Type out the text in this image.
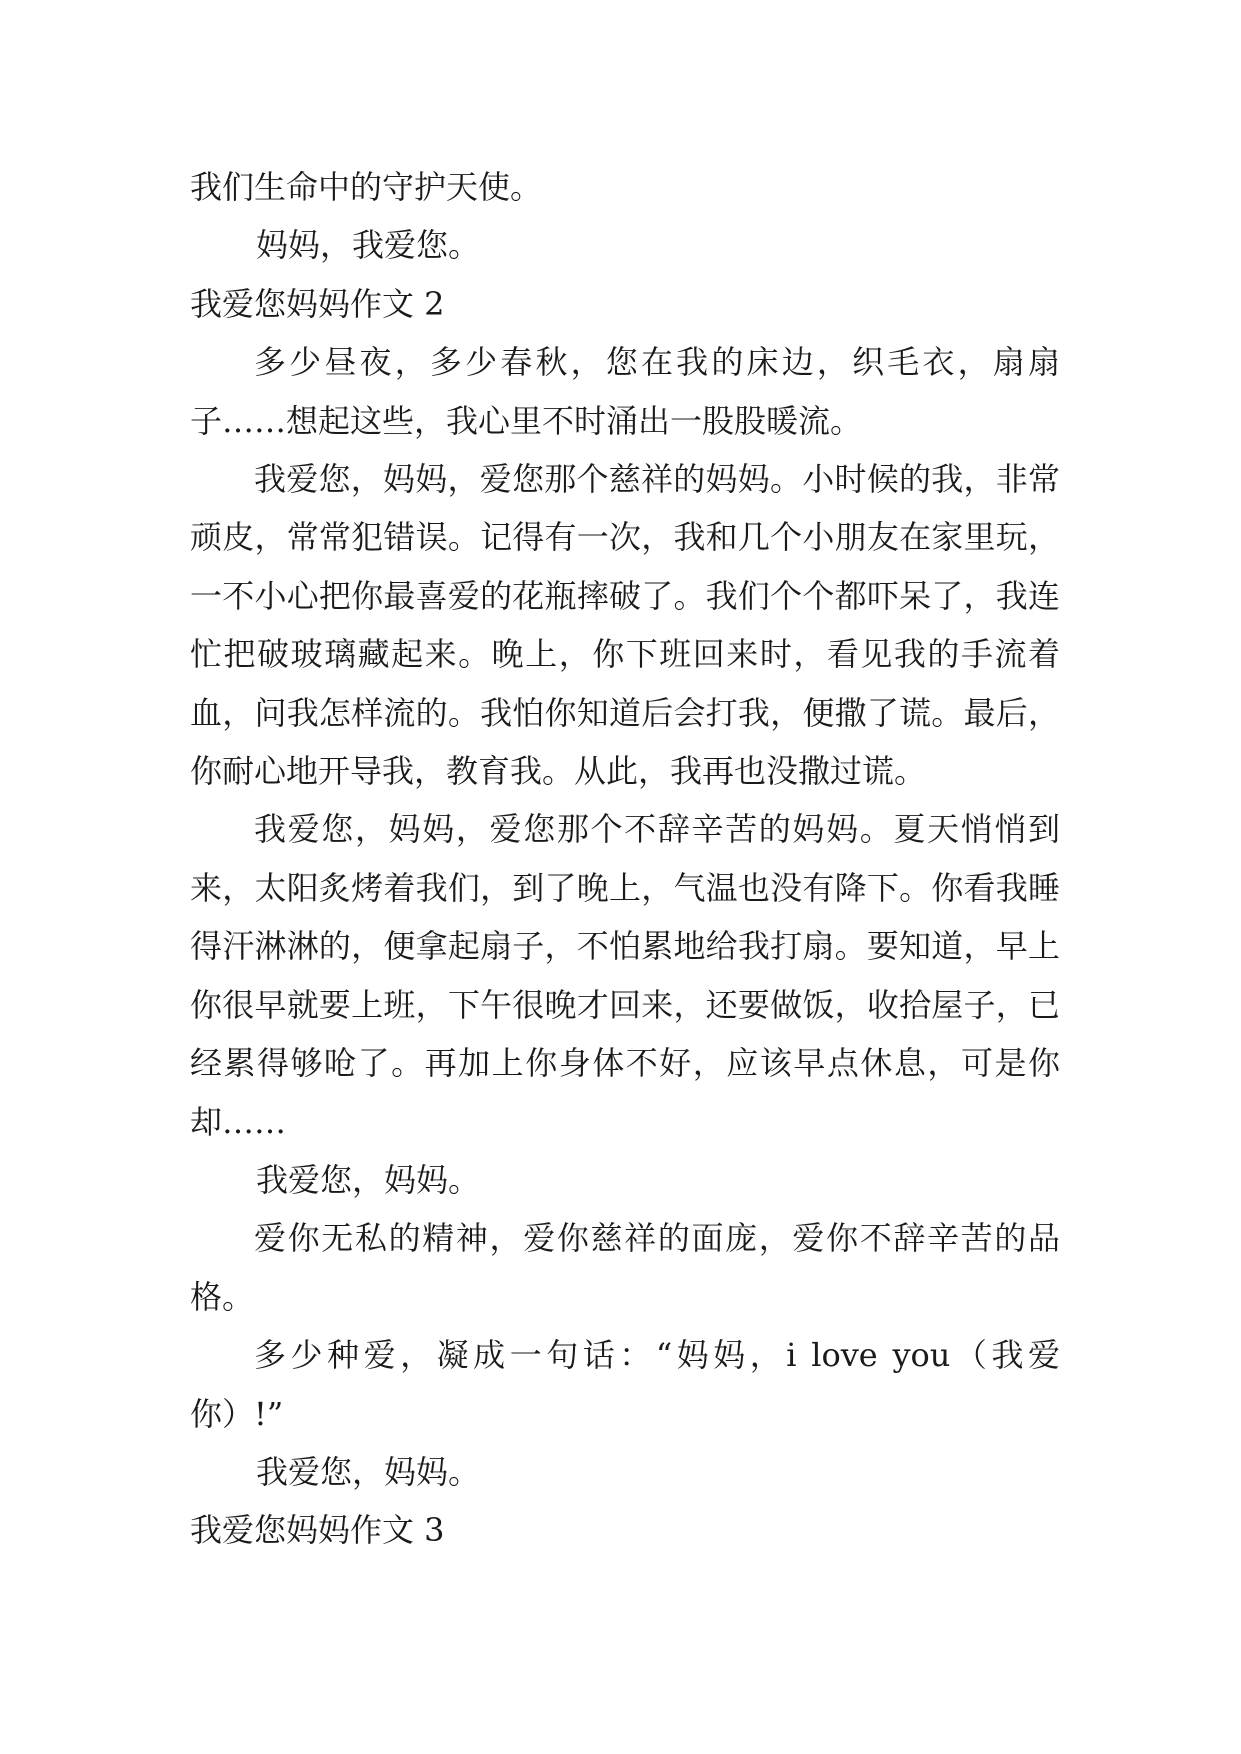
我们生命中的守护天使。

妈妈，我爱您。

我爱您妈妈作文 2

多少昼夜，多少春秋，您在我的床边，织毛衣，扇扇子……想起这些，我心里不时涌出一股股暖流。

我爱您，妈妈，爱您那个慈祥的妈妈。小时候的我，非常顽皮，常常犯错误。记得有一次，我和几个小朋友在家里玩，一不小心把你最喜爱的花瓶摔破了。我们个个都吓呆了，我连忙把破玻璃藏起来。晚上，你下班回来时，看见我的手流着血，问我怎样流的。我怕你知道后会打我，便撒了谎。最后，你耐心地开导我，教育我。从此，我再也没撒过谎。

我爱您，妈妈，爱您那个不辞辛苦的妈妈。夏天悄悄到来，太阳炙烤着我们，到了晚上，气温也没有降下。你看我睡得汗淋淋的，便拿起扇子，不怕累地给我打扇。要知道，早上你很早就要上班，下午很晚才回来，还要做饭，收拾屋子，已经累得够呛了。再加上你身体不好，应该早点休息，可是你却……

我爱您，妈妈。

爱你无私的精神，爱你慈祥的面庞，爱你不辞辛苦的品格。

多少种爱，凝成一句话：“妈妈，i love you（我爱你）!”

我爱您，妈妈。

我爱您妈妈作文 3
